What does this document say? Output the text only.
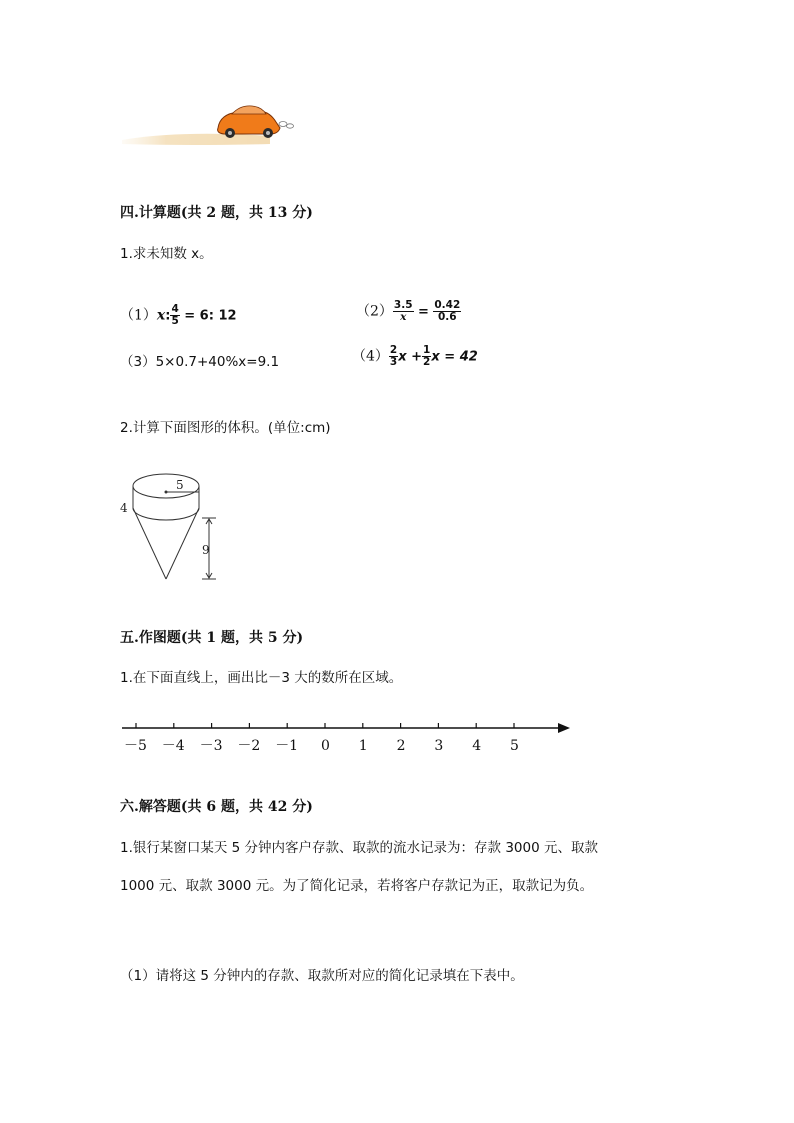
四.计算题(共 2 题，共 13 分)
1.求未知数 x。
（1）x: $\frac{4}{5} = 6$: 12	$(2) \frac{3.5}{x} = \frac{0.42}{0.6}$
（3）5×0.7+40%x=9.1	$(4) \frac{2}{3}$ $x + \frac{1}{2}$ x = 42
2.计算下面图形的体积。(单位:cm)
5
4
9
五.作图题(共 1 题，共 5 分)
1.在下面直线上，画出比－3 大的数所在区域。
－5 －4 －3 －2 －1 0 1 2 3 4 5
六.解答题(共 6 题，共 42 分)
1.银行某窗口某天 5 分钟内客户存款、取款的流水记录为：存款 3000 元、取款
1000 元、取款 3000 元。为了简化记录，若将客户存款记为正，取款记为负。
（1）请将这 5 分钟内的存款、取款所对应的简化记录填在下表中。
